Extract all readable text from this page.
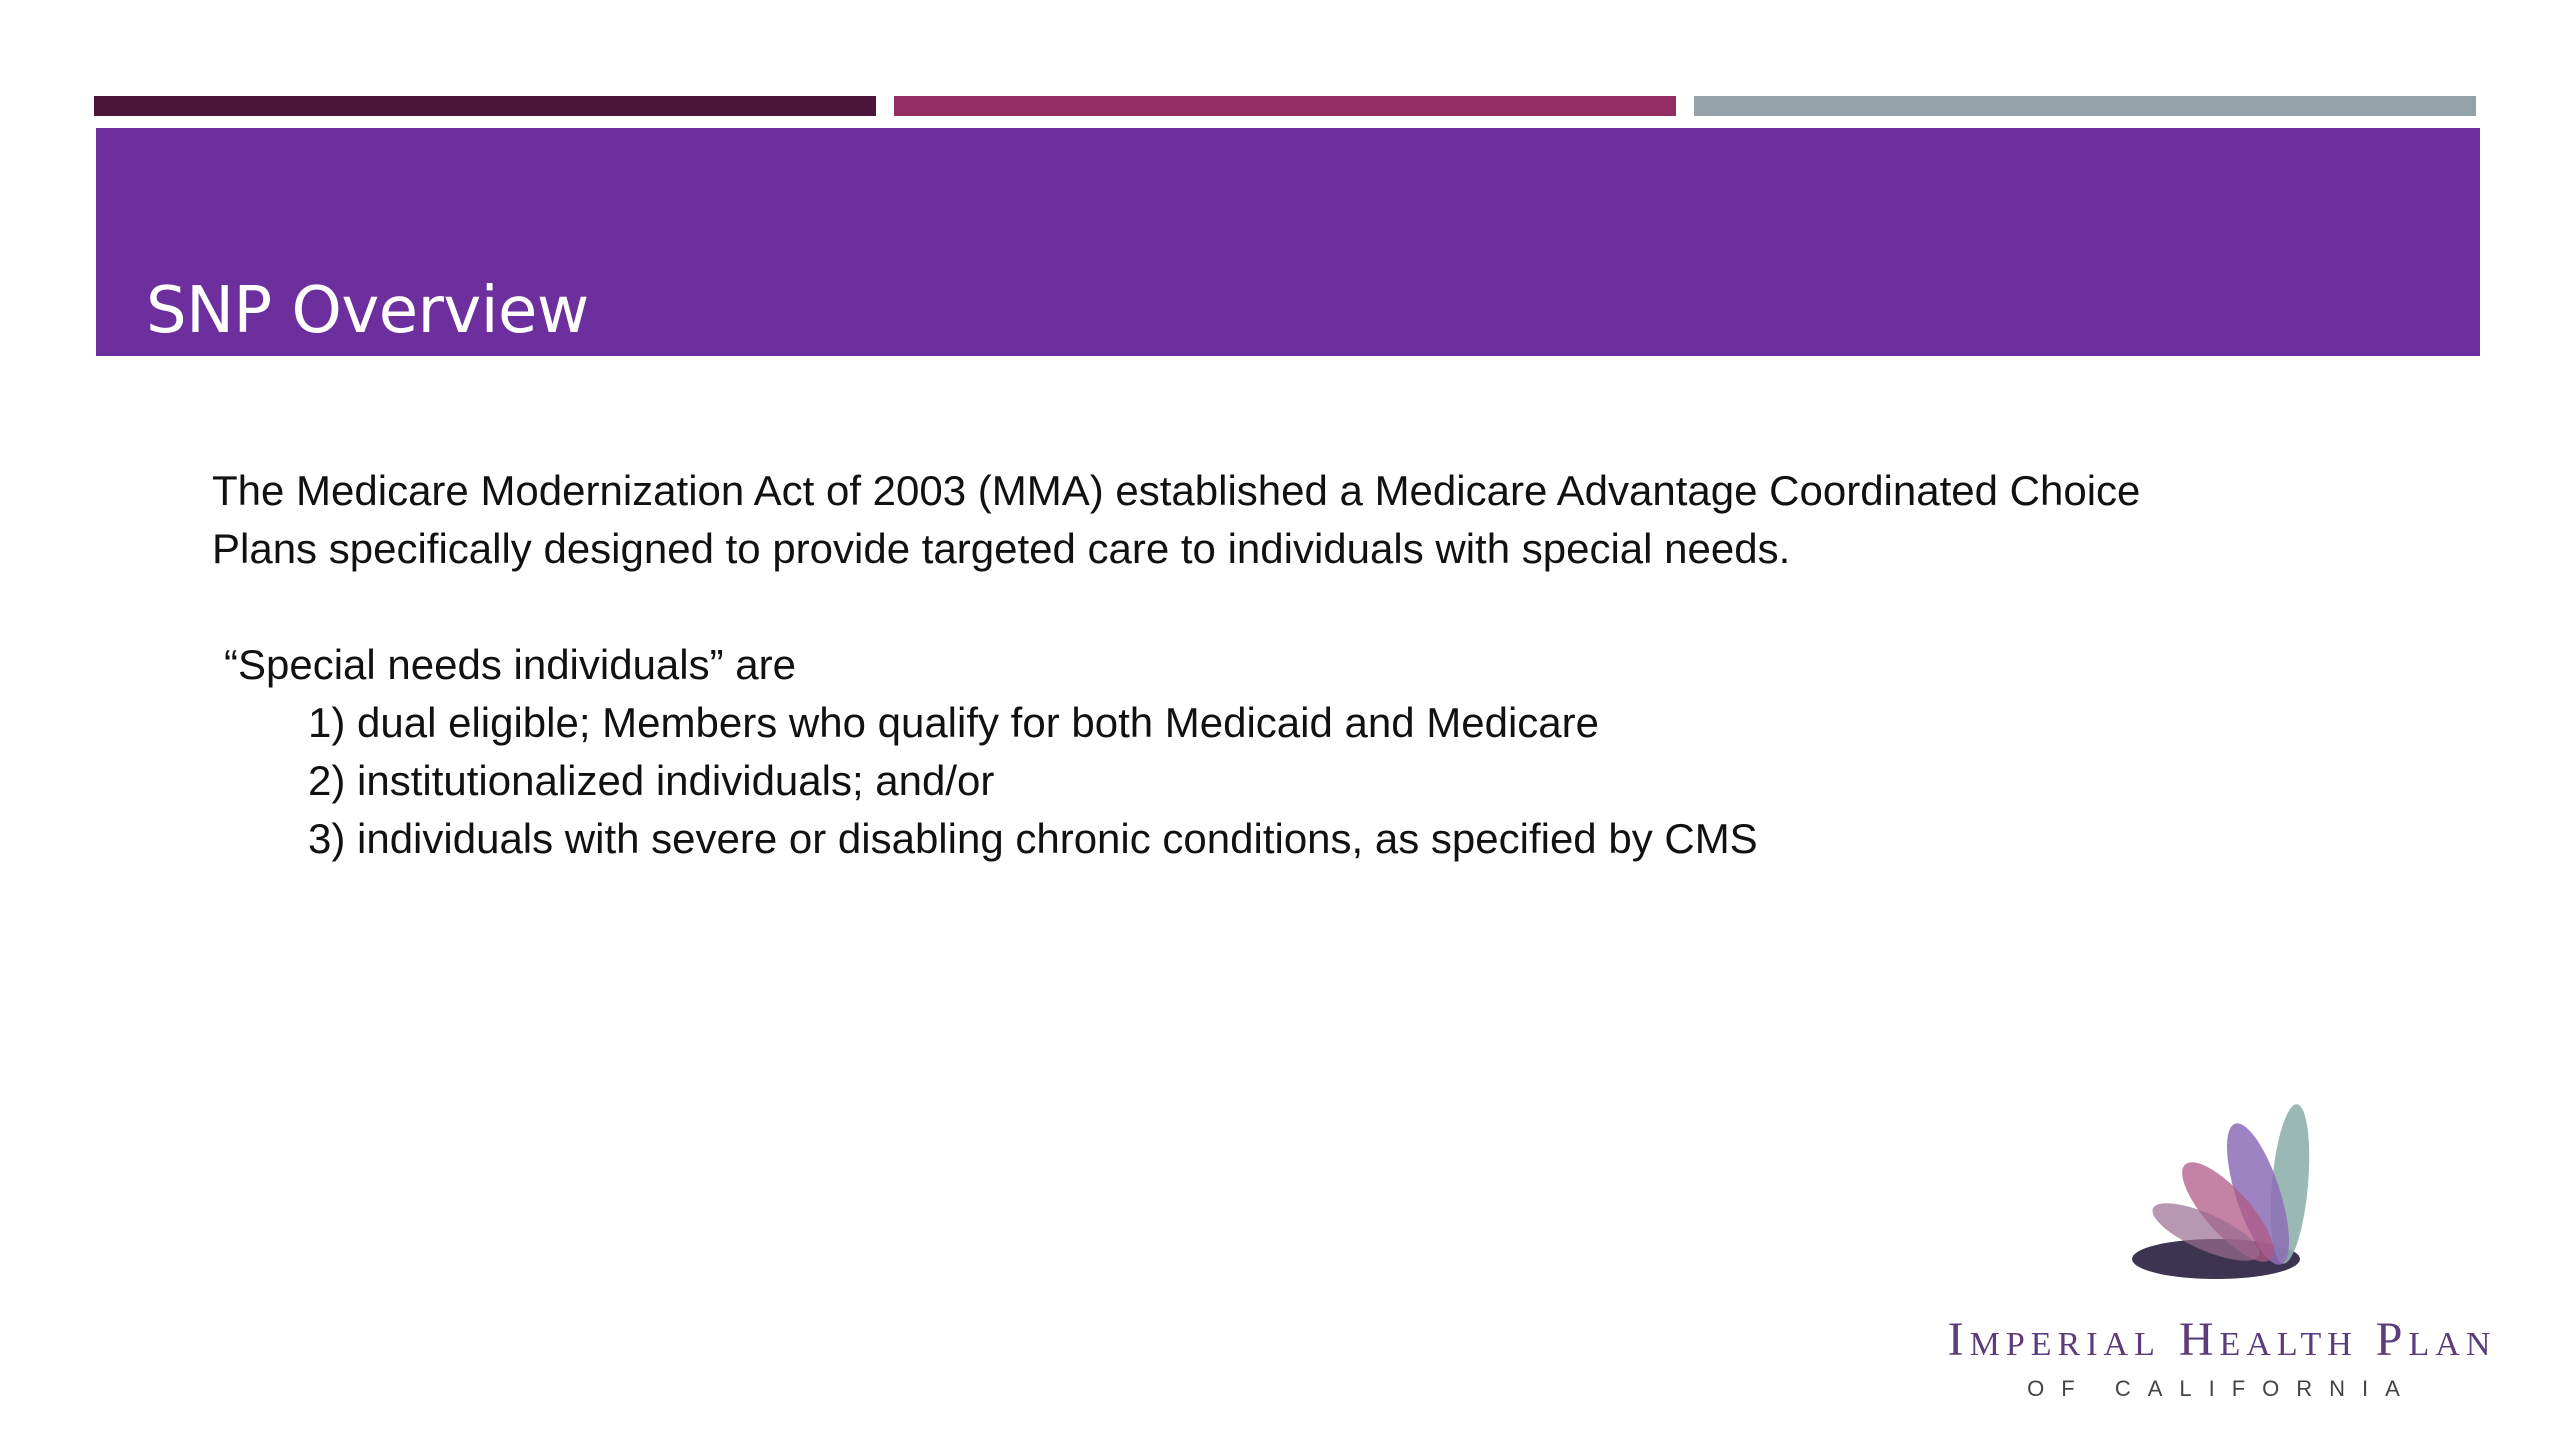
SNP Overview

The Medicare Modernization Act of 2003 (MMA) established a Medicare Advantage Coordinated Choice

Plans specifically designed to provide targeted care to individuals with special needs.

“Special needs individuals” are

1) dual eligible; Members who qualify for both Medicaid and Medicare
2) institutionalized individuals; and/or
3) individuals with severe or disabling chronic conditions, as specified by CMS
Imperial Health Plan
OF CALIFORNIA
